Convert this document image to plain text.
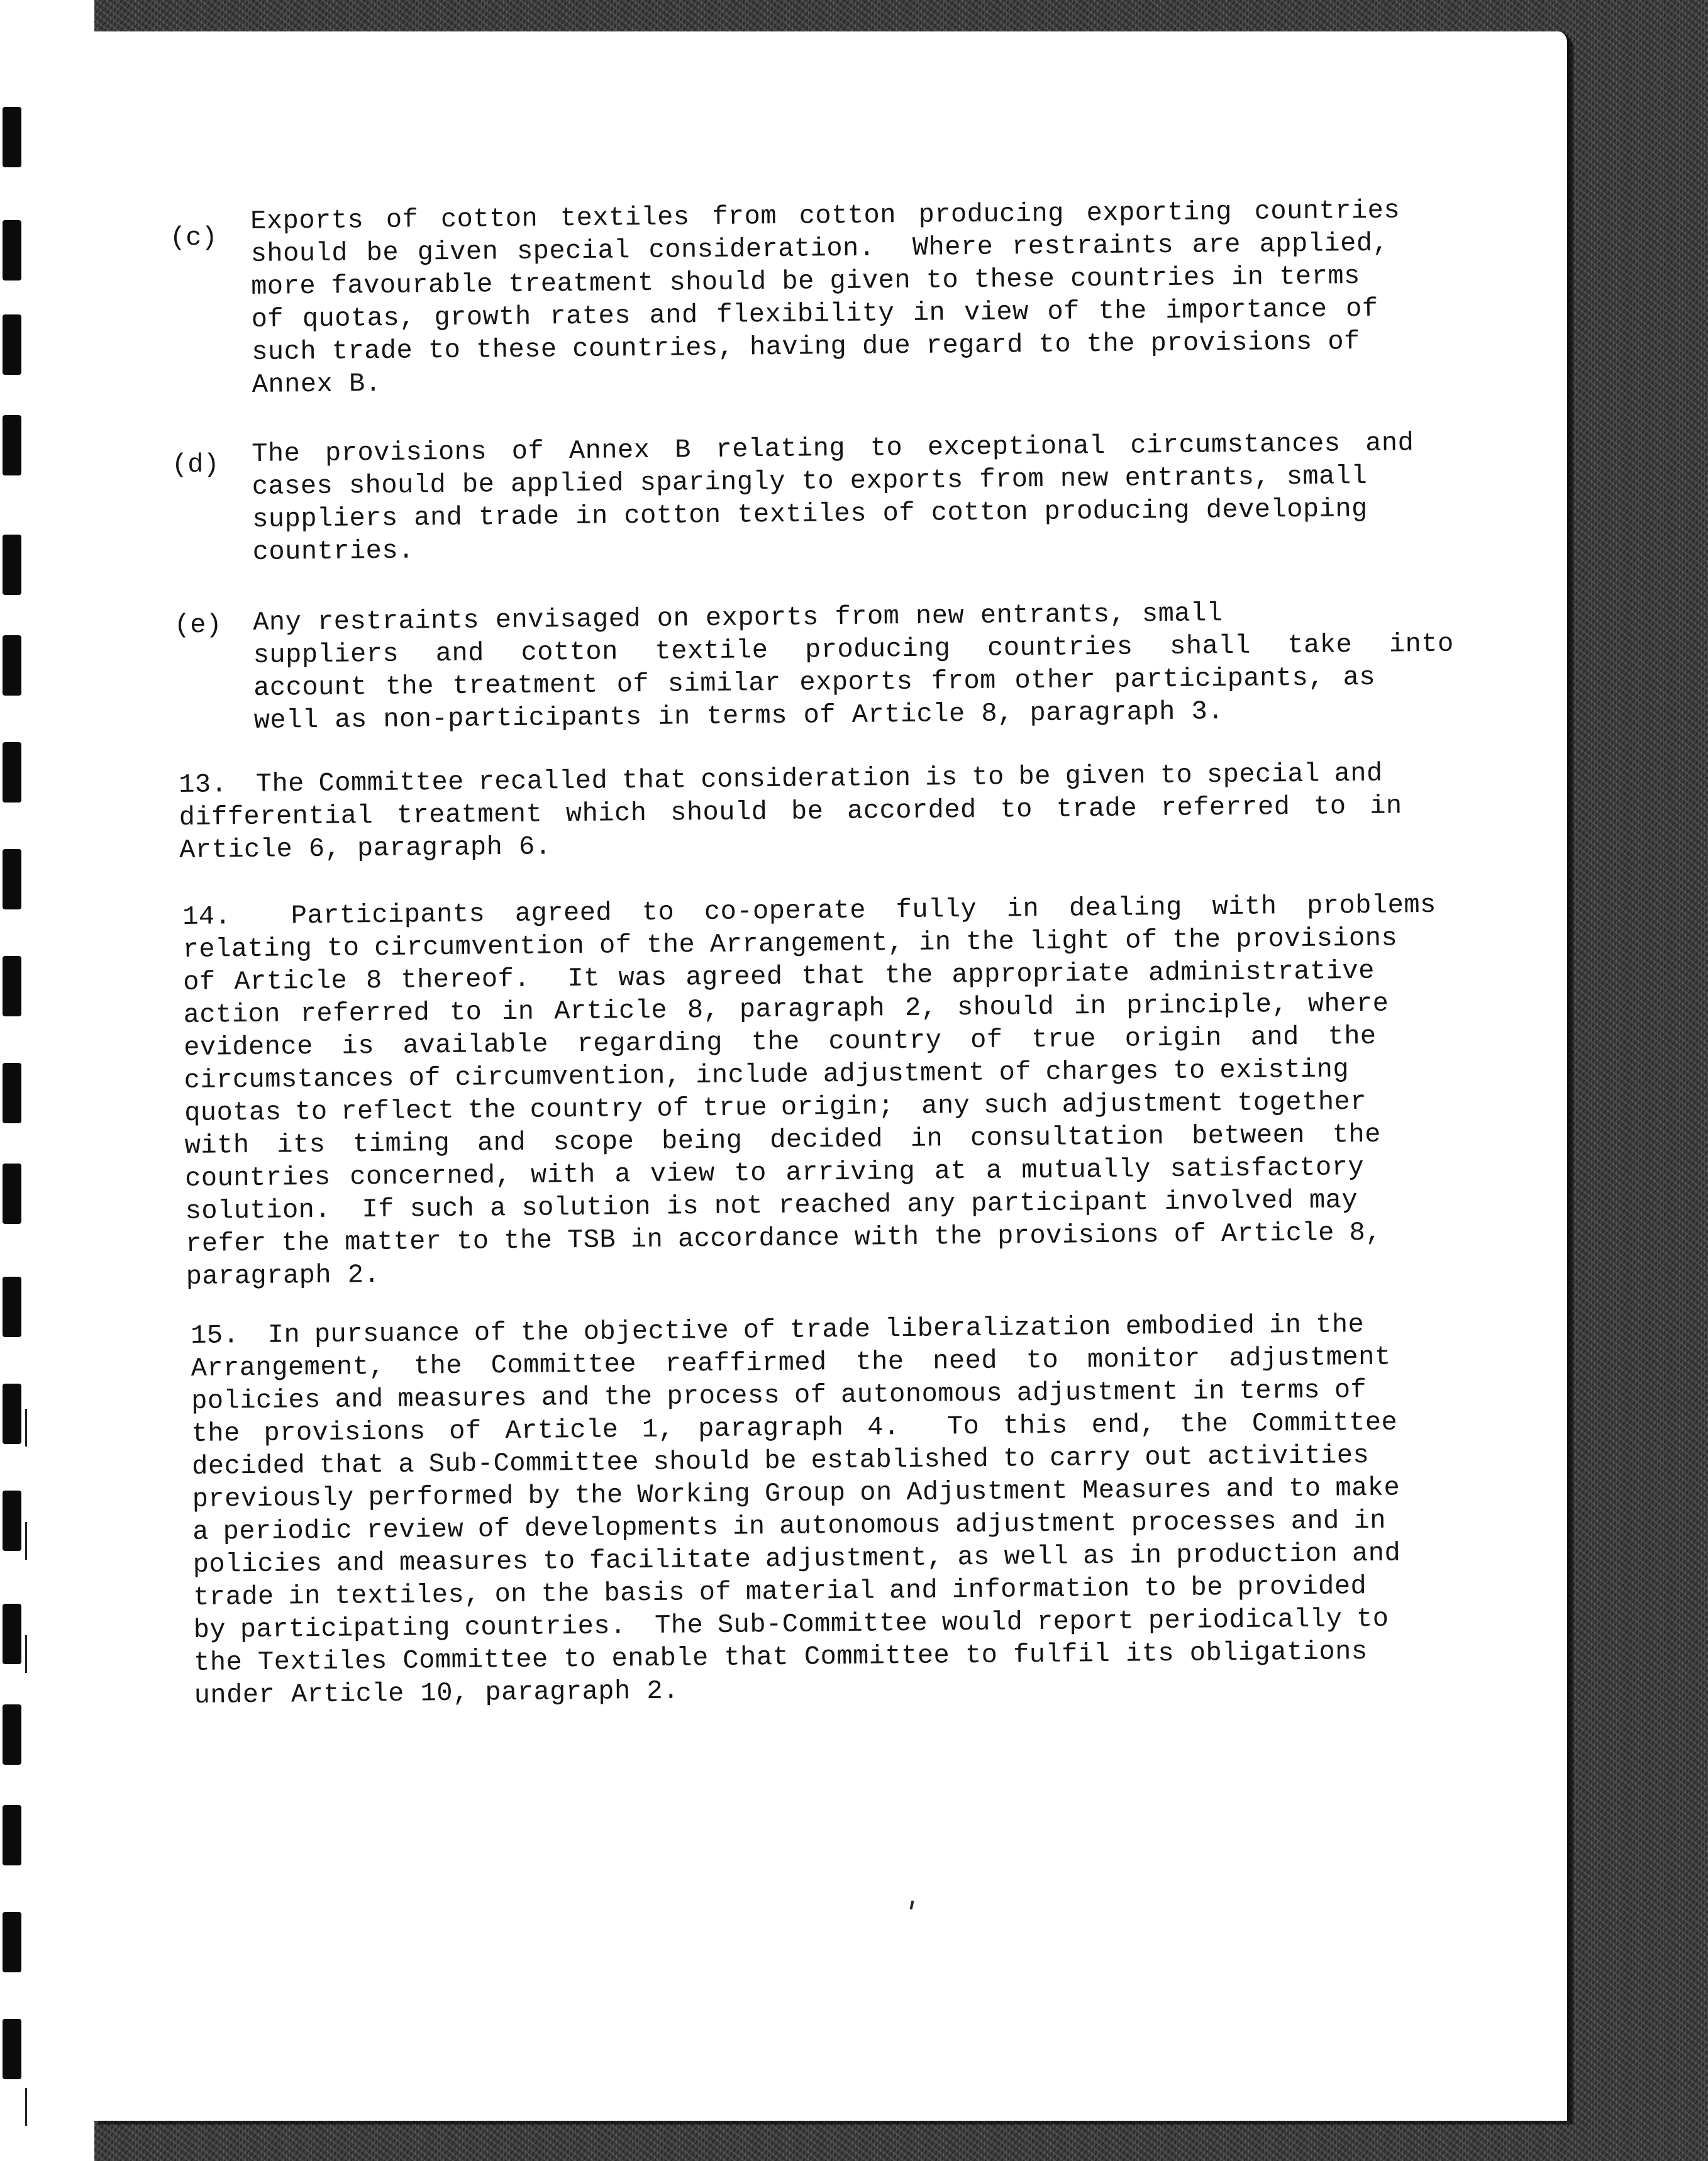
(c)
Exports of cotton textiles from cotton producing exporting countries
should be given special consideration.  Where restraints are applied,
more favourable treatment should be given to these countries in terms
of quotas, growth rates and flexibility in view of the importance of
such trade to these countries, having due regard to the provisions of
Annex B.
(d) The provisions of Annex B relating to exceptional circumstances and
cases should be applied sparingly to exports from new entrants, small
suppliers and trade in cotton textiles of cotton producing developing
countries.
(e) Any restraints envisaged on exports from new entrants, small
suppliers and cotton textile producing countries shall take into
account the treatment of similar exports from other participants, as
well as non-participants in terms of Article 8, paragraph 3.
13.  The Committee recalled that consideration is to be given to special and
differential treatment which should be accorded to trade referred to in
Article 6, paragraph 6.
14.  Participants agreed to co-operate fully in dealing with problems
relating to circumvention of the Arrangement, in the light of the provisions
of Article 8 thereof.  It was agreed that the appropriate administrative
action referred to in Article 8, paragraph 2, should in principle, where
evidence is available regarding the country of true origin and the
circumstances of circumvention, include adjustment of charges to existing
quotas to reflect the country of true origin;  any such adjustment together
with its timing and scope being decided in consultation between the
countries concerned, with a view to arriving at a mutually satisfactory
solution.  If such a solution is not reached any participant involved may
refer the matter to the TSB in accordance with the provisions of Article 8,
paragraph 2.
15.  In pursuance of the objective of trade liberalization embodied in the
Arrangement, the Committee reaffirmed the need to monitor adjustment
policies and measures and the process of autonomous adjustment in terms of
the provisions of Article 1, paragraph 4.  To this end, the Committee
decided that a Sub-Committee should be established to carry out activities
previously performed by the Working Group on Adjustment Measures and to make
a periodic review of developments in autonomous adjustment processes and in
policies and measures to facilitate adjustment, as well as in production and
trade in textiles, on the basis of material and information to be provided
by participating countries.  The Sub-Committee would report periodically to
the Textiles Committee to enable that Committee to fulfil its obligations
under Article 10, paragraph 2.
